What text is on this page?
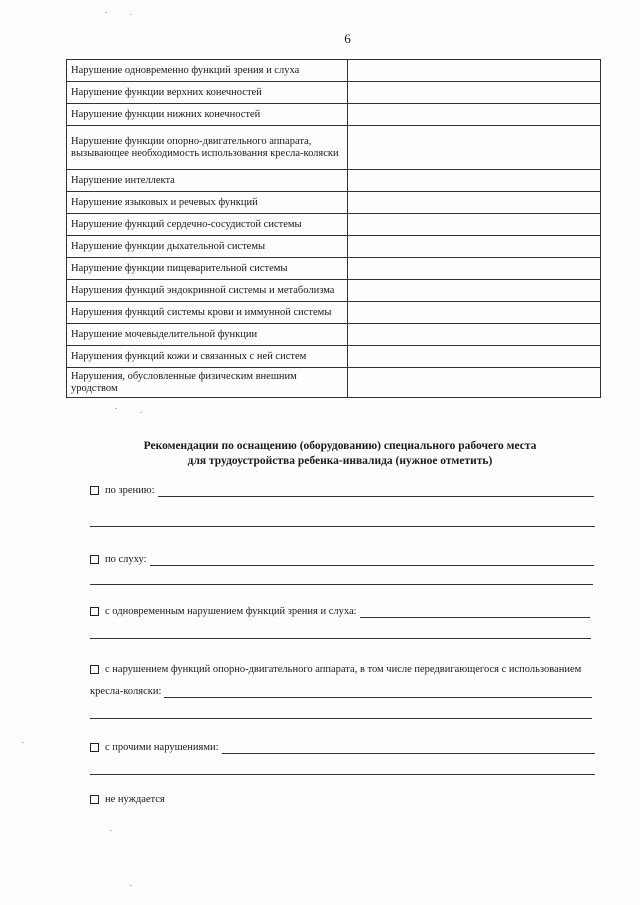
6
Нарушение одновременно функций зрения и слуха	
Нарушение функции верхних конечностей	
Нарушение функции нижних конечностей	
Нарушение функции опорно-двигательного аппарата, вызывающее необходимость использования кресла-коляски	
Нарушение интеллекта	
Нарушение языковых и речевых функций	
Нарушение функций сердечно-сосудистой системы	
Нарушение функции дыхательной системы	
Нарушение функции пищеварительной системы	
Нарушения функций эндокринной системы и метаболизма	
Нарушения функций системы крови и иммунной системы	
Нарушение мочевыделительной функции	
Нарушения функций кожи и связанных с ней систем	
Нарушения, обусловленные физическим внешним уродством	
Рекомендации по оснащению (оборудованию) специального рабочего места
для трудоустройства ребенка-инвалида (нужное отметить)
по зрению:
по слуху:
с одновременным нарушением функций зрения и слуха:
с нарушением функций опорно-двигательного аппарата, в том числе передвигающегося с использованием
кресла-коляски:
с прочими нарушениями:
не нуждается
